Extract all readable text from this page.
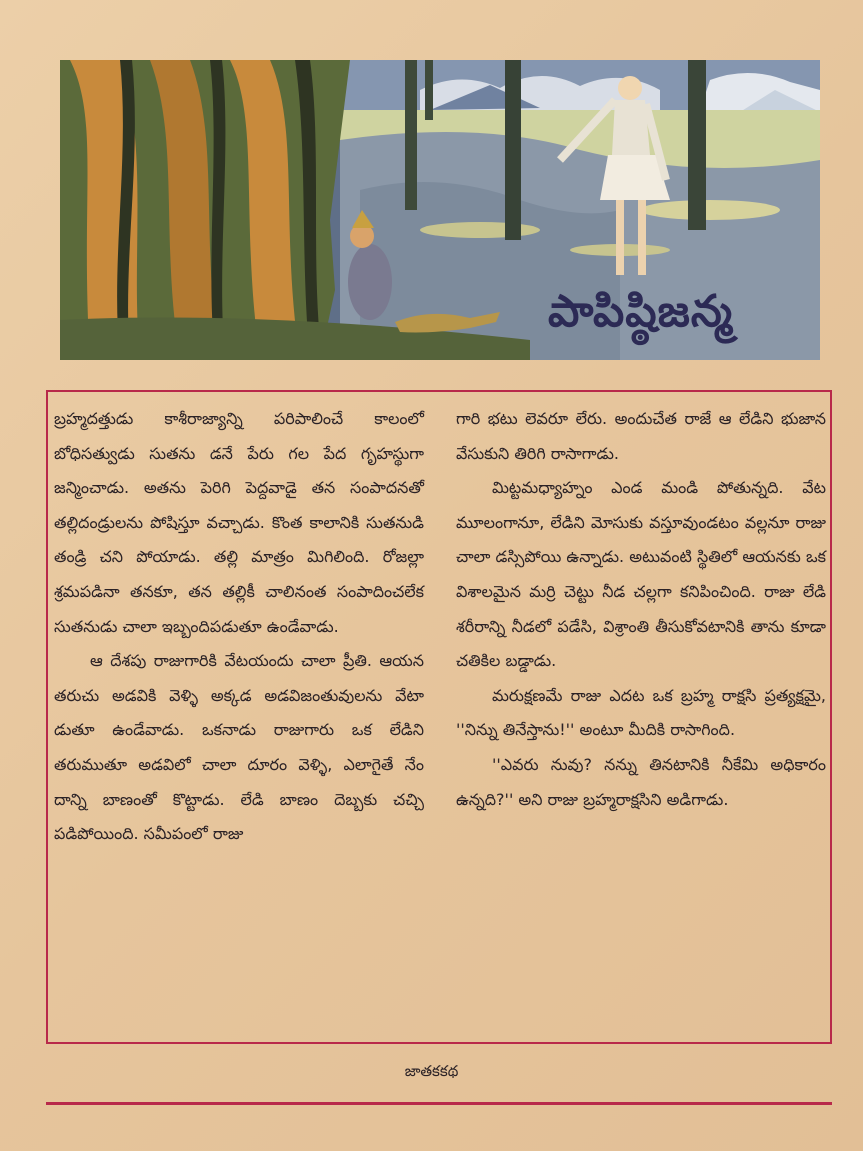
పాపిష్ఠిజన్మ

బ్రహ్మదత్తుడు కాశీరాజ్యాన్ని పరిపాలించే కాలంలో బోధిసత్వుడు సుతను డనే పేరు గల పేద గృహస్థుగా జన్మించాడు. అతను పెరిగి పెద్దవాడై తన సంపాదనతో తల్లిదండ్రులను పోషిస్తూ వచ్చాడు. కొంత కాలానికి సుతనుడి తండ్రి చని పోయాడు. తల్లి మాత్రం మిగిలింది. రోజల్లా శ్రమపడినా తనకూ, తన తల్లికీ చాలినంత సంపాదించలేక సుతనుడు చాలా ఇబ్బందిపడుతూ ఉండేవాడు.

ఆ దేశపు రాజుగారికి వేటయందు చాలా ప్రీతి. ఆయన తరుచు అడవికి వెళ్ళి అక్కడ అడవిజంతువులను వేటా డుతూ ఉండేవాడు. ఒకనాడు రాజుగారు ఒక లేడిని తరుముతూ అడవిలో చాలా దూరం వెళ్ళి, ఎలాగైతే నేం దాన్ని బాణంతో కొట్టాడు. లేడి బాణం దెబ్బకు చచ్చి పడిపోయింది. సమీపంలో రాజు

గారి భటు లెవరూ లేరు. అందుచేత రాజే ఆ లేడిని భుజాన వేసుకుని తిరిగి రాసాగాడు.

మిట్టమధ్యాహ్నం ఎండ మండి పోతున్నది. వేట మూలంగానూ, లేడిని మోసుకు వస్తూవుండటం వల్లనూ రాజు చాలా డస్సిపోయి ఉన్నాడు. అటువంటి స్థితిలో ఆయనకు ఒక విశాలమైన మర్రి చెట్టు నీడ చల్లగా కనిపించింది. రాజు లేడి శరీరాన్ని నీడలో పడేసి, విశ్రాంతి తీసుకోవటానికి తాను కూడా చతికిల బడ్డాడు.

మరుక్షణమే రాజు ఎదట ఒక బ్రహ్మ రాక్షసి ప్రత్యక్షమై, ''నిన్ను తినేస్తాను!'' అంటూ మీదికి రాసాగింది.

''ఎవరు నువు? నన్ను తినటానికి నీకేమి అధికారం ఉన్నది?'' అని రాజు బ్రహ్మరాక్షసిని అడిగాడు.

జాతకకథ
